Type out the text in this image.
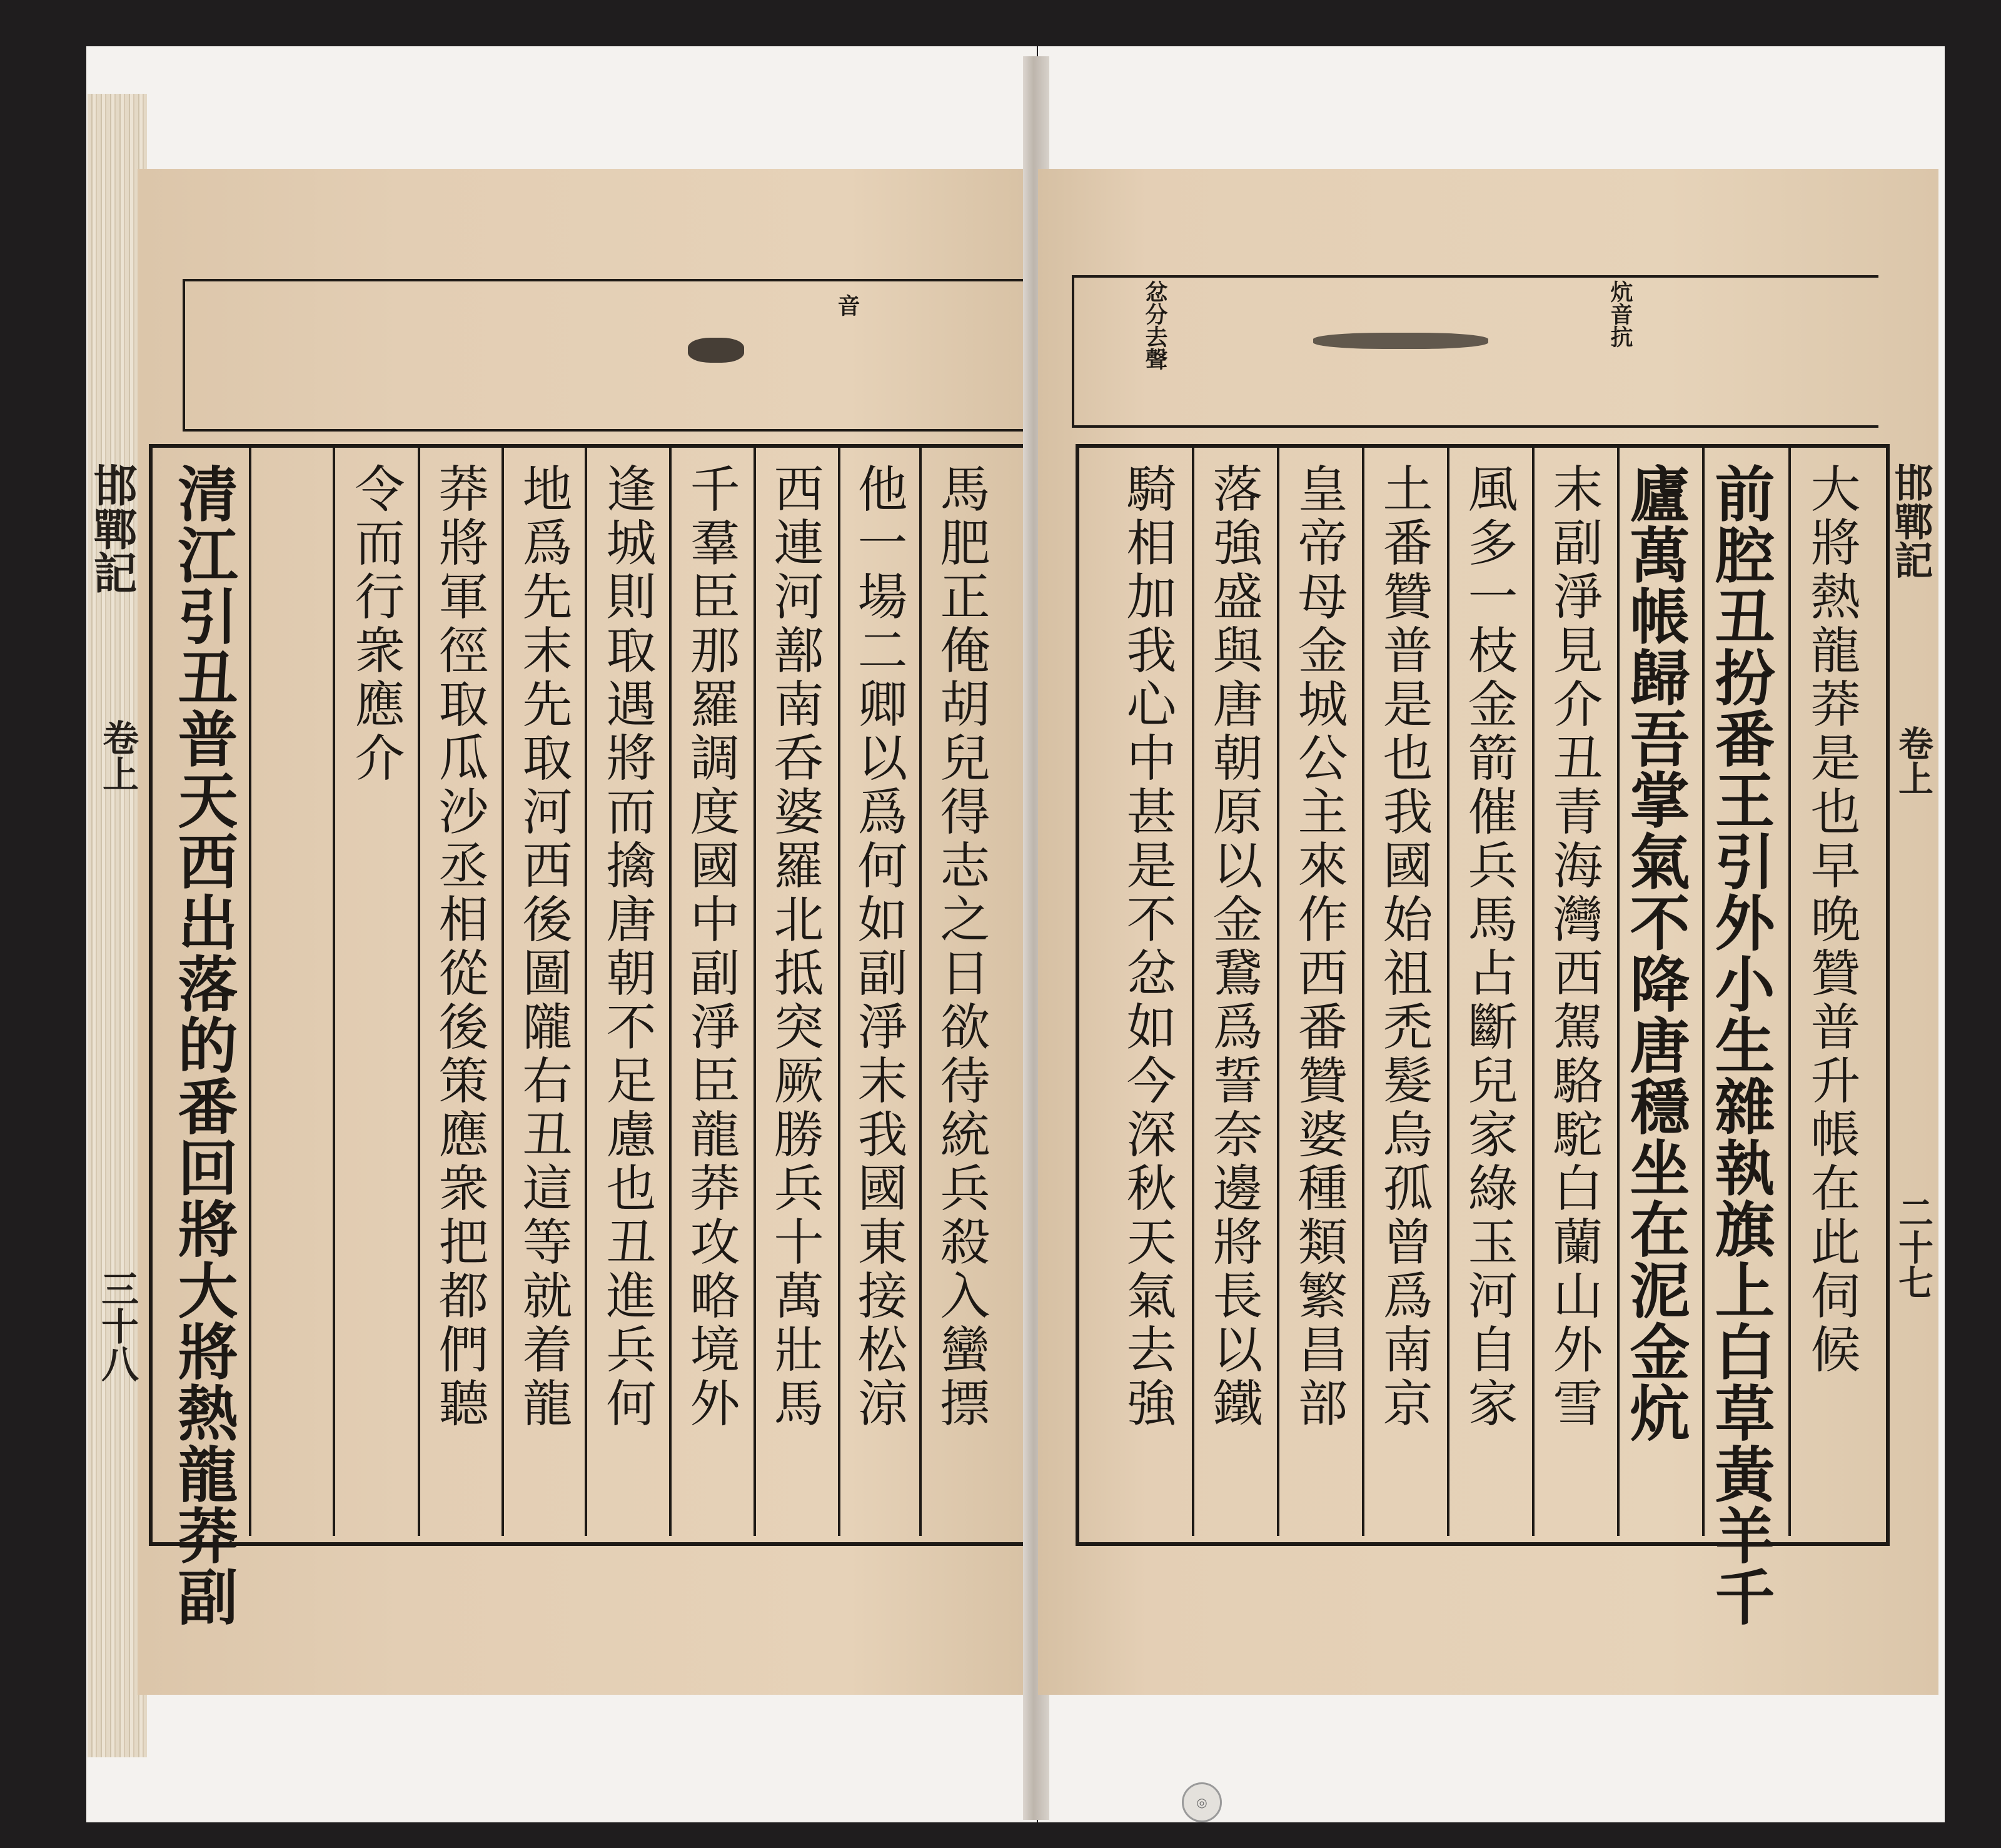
音
邯鄲記
卷上
三十八	馬肥正俺胡兒得志之日欲待統兵殺入蠻摽
他一場二卿以爲何如副淨末我國東接松涼
西連河鄯南呑婆羅北抵突厥勝兵十萬壯馬
千羣臣那羅調度國中副淨臣龍莽攻略境外
逢城則取遇將而擒唐朝不足慮也丑進兵何
地爲先末先取河西後圖隴右丑這等就着龍
莽將軍徑取瓜沙丞相從後策應衆把都們聽
令而行衆應介
清江引丑普天西出落的番回將大將熱龍莽副
炕音抗
忿分去聲
邯鄲記
卷上
二十七
大將熱龍莽是也早晚贊普升帳在此伺候
前腔丑扮番王引外小生雜執旗上白草黃羊千
廬萬帳歸吾掌氣不降唐穩坐在泥金炕
末副淨見介丑青海灣西駕駱駝白蘭山外雪
風多一枝金箭催兵馬占斷兒家綠玉河自家
土番贊普是也我國始祖禿髮烏孤曾爲南京
皇帝母金城公主來作西番贊婆種類繁昌部
落強盛與唐朝原以金鵞爲誓奈邊將長以鐵
騎相加我心中甚是不忿如今深秋天氣去強
◎
